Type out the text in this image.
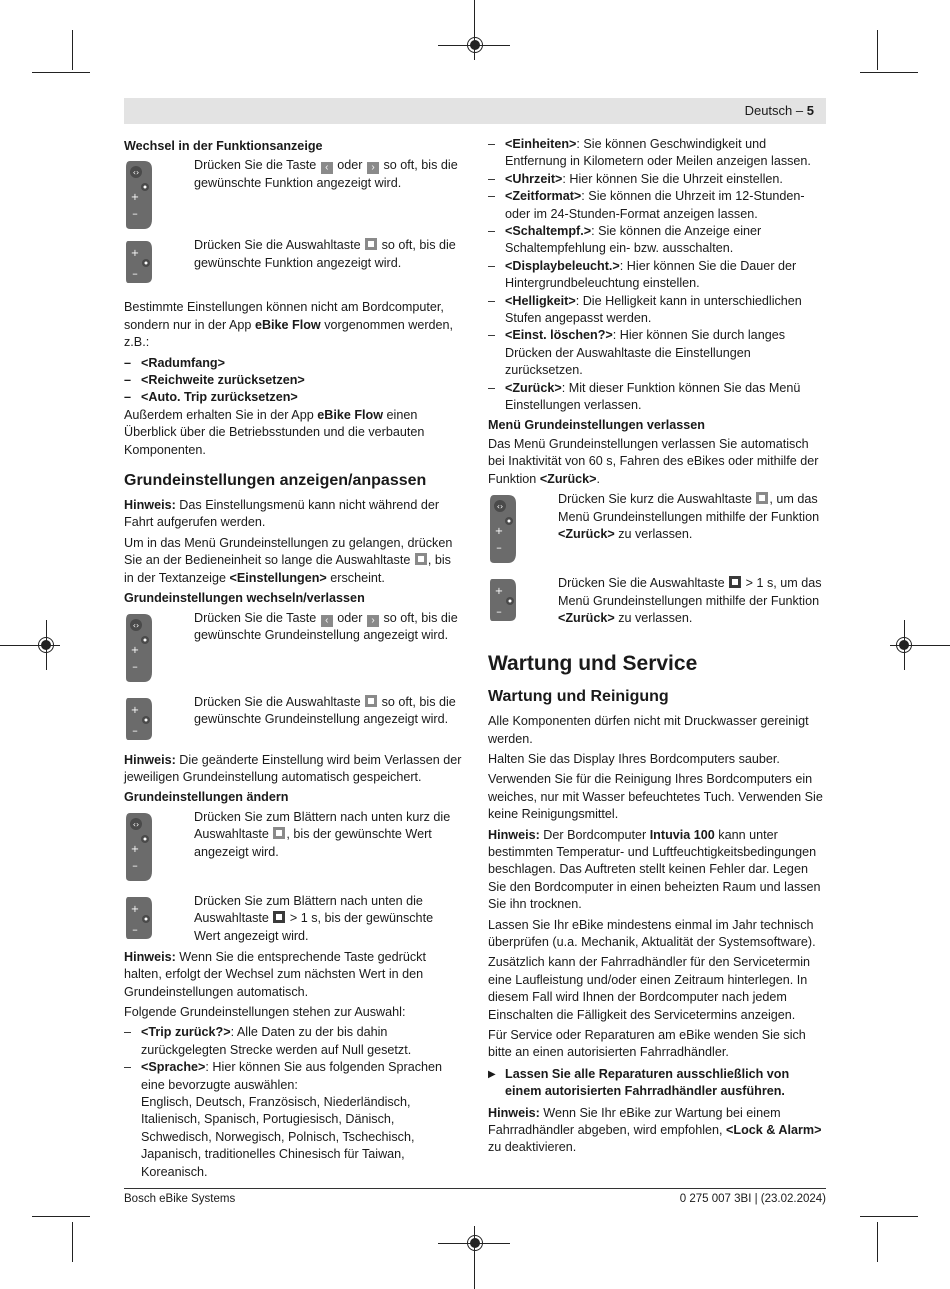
Deutsch – 5
Wechsel in der Funktionsanzeige
‹›
+
–
Drücken Sie die Taste ‹ oder › so oft, bis die gewünschte Funktion angezeigt wird.
+
–
Drücken Sie die Auswahltaste so oft, bis die gewünschte Funktion angezeigt wird.

Bestimmte Einstellungen können nicht am Bordcomputer, sondern nur in der App eBike Flow vorgenommen werden, z.B.:

– <Radumfang>
– <Reichweite zurücksetzen>
– <Auto. Trip zurücksetzen>

Außerdem erhalten Sie in der App eBike Flow einen Überblick über die Betriebsstunden und die verbauten Komponenten.

Grundeinstellungen anzeigen/anpassen

Hinweis: Das Einstellungsmenü kann nicht während der Fahrt aufgerufen werden.

Um in das Menü Grundeinstellungen zu gelangen, drücken Sie an der Bedieneinheit so lange die Auswahltaste , bis in der Textanzeige <Einstellungen> erscheint.

Grundeinstellungen wechseln/verlassen
‹›
+
–
Drücken Sie die Taste ‹ oder › so oft, bis die gewünschte Grundeinstellung angezeigt wird.
+
–
Drücken Sie die Auswahltaste so oft, bis die gewünschte Grundeinstellung angezeigt wird.

Hinweis: Die geänderte Einstellung wird beim Verlassen der jeweiligen Grundeinstellung automatisch gespeichert.

Grundeinstellungen ändern
‹›
+
–
Drücken Sie zum Blättern nach unten kurz die Auswahltaste , bis der gewünschte Wert angezeigt wird.
+
–
Drücken Sie zum Blättern nach unten die Auswahltaste > 1 s, bis der gewünschte Wert angezeigt wird.

Hinweis: Wenn Sie die entsprechende Taste gedrückt halten, erfolgt der Wechsel zum nächsten Wert in den Grundeinstellungen automatisch.

Folgende Grundeinstellungen stehen zur Auswahl:

– <Trip zurück?>: Alle Daten zu der bis dahin zurückgelegten Strecke werden auf Null gesetzt.
– <Sprache>: Hier können Sie aus folgenden Sprachen eine bevorzugte auswählen:
Englisch, Deutsch, Französisch, Niederländisch, Italienisch, Spanisch, Portugiesisch, Dänisch, Schwedisch, Norwegisch, Polnisch, Tschechisch, Japanisch, traditionelles Chinesisch für Taiwan, Koreanisch.
– <Einheiten>: Sie können Geschwindigkeit und Entfernung in Kilometern oder Meilen anzeigen lassen.
– <Uhrzeit>: Hier können Sie die Uhrzeit einstellen.
– <Zeitformat>: Sie können die Uhrzeit im 12-Stunden- oder im 24-Stunden-Format anzeigen lassen.
– <Schaltempf.>: Sie können die Anzeige einer Schaltempfehlung ein- bzw. ausschalten.
– <Displaybeleucht.>: Hier können Sie die Dauer der Hintergrundbeleuchtung einstellen.
– <Helligkeit>: Die Helligkeit kann in unterschiedlichen Stufen angepasst werden.
– <Einst. löschen?>: Hier können Sie durch langes Drücken der Auswahltaste die Einstellungen zurücksetzen.
– <Zurück>: Mit dieser Funktion können Sie das Menü Einstellungen verlassen.
Menü Grundeinstellungen verlassen

Das Menü Grundeinstellungen verlassen Sie automatisch bei Inaktivität von 60 s, Fahren des eBikes oder mithilfe der Funktion <Zurück>.

‹›
+
–
Drücken Sie kurz die Auswahltaste , um das Menü Grundeinstellungen mithilfe der Funktion <Zurück> zu verlassen.
+
–
Drücken Sie die Auswahltaste > 1 s, um das Menü Grundeinstellungen mithilfe der Funktion <Zurück> zu verlassen.
Wartung und Service
Wartung und Reinigung

Alle Komponenten dürfen nicht mit Druckwasser gereinigt werden.

Halten Sie das Display Ihres Bordcomputers sauber.

Verwenden Sie für die Reinigung Ihres Bordcomputers ein weiches, nur mit Wasser befeuchtetes Tuch. Verwenden Sie keine Reinigungsmittel.

Hinweis: Der Bordcomputer Intuvia 100 kann unter bestimmten Temperatur- und Luftfeuchtigkeitsbedingungen beschlagen. Das Auftreten stellt keinen Fehler dar. Legen Sie den Bordcomputer in einen beheizten Raum und lassen Sie ihn trocknen.

Lassen Sie Ihr eBike mindestens einmal im Jahr technisch überprüfen (u.a. Mechanik, Aktualität der Systemsoftware).

Zusätzlich kann der Fahrradhändler für den Servicetermin eine Laufleistung und/oder einen Zeitraum hinterlegen. In diesem Fall wird Ihnen der Bordcomputer nach jedem Einschalten die Fälligkeit des Servicetermins anzeigen.

Für Service oder Reparaturen am eBike wenden Sie sich bitte an einen autorisierten Fahrradhändler.

▶ Lassen Sie alle Reparaturen ausschließlich von einem autorisierten Fahrradhändler ausführen.

Hinweis: Wenn Sie Ihr eBike zur Wartung bei einem Fahrradhändler abgeben, wird empfohlen, <Lock & Alarm> zu deaktivieren.

Bosch eBike Systems	0 275 007 3BI | (23.02.2024)
